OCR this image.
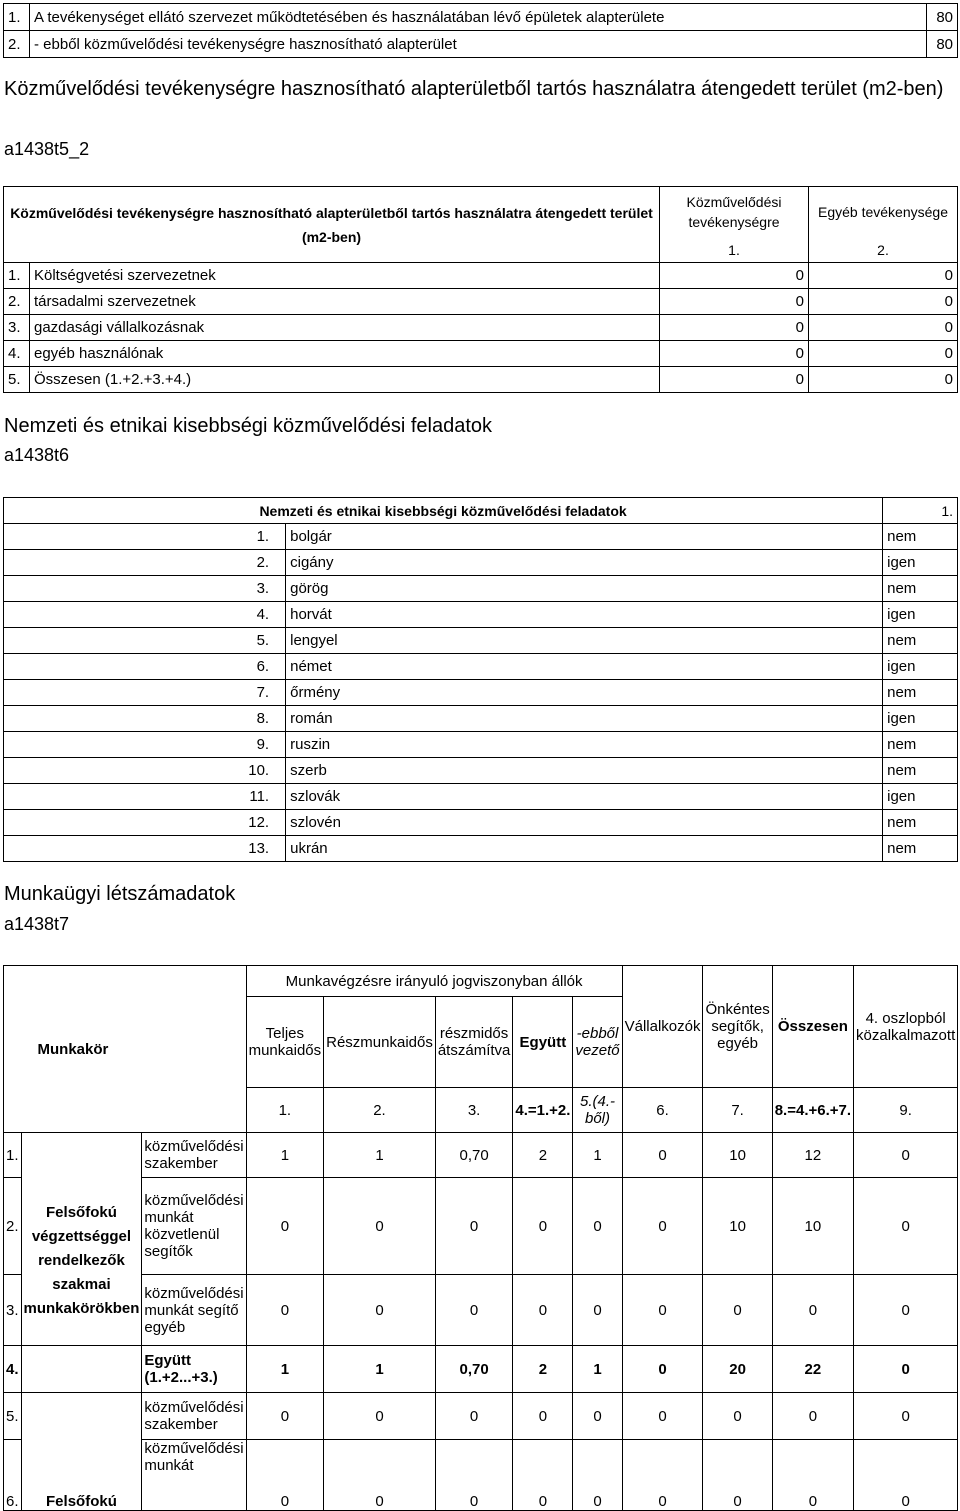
1.	A tevékenységet ellátó szervezet működtetésében és használatában lévő épületek alapterülete	80
2.	- ebből közművelődési tevékenységre hasznosítható alapterület	80
Közművelődési tevékenységre hasznosítható alapterületből tartós használatra átengedett terület (m2-ben)
a1438t5_2
Közművelődési tevékenységre hasznosítható alapterületből tartós használatra átengedett terület (m2-ben)		Közművelődési tevékenységre	Egyéb tevékenysége
		1.	2.
1.	Költségvetési szervezetnek	0	0
2.	társadalmi szervezetnek	0	0
3.	gazdasági vállalkozásnak	0	0
4.	egyéb használónak	0	0
5.	Összesen (1.+2.+3.+4.)	0	0
Nemzeti és etnikai kisebbségi közművelődési feladatok
a1438t6
Nemzeti és etnikai kisebbségi közművelődési feladatok		1.
1.	bolgár	nem
2.	cigány	igen
3.	görög	nem
4.	horvát	igen
5.	lengyel	nem
6.	német	igen
7.	őrmény	nem
8.	román	igen
9.	ruszin	nem
10.	szerb	nem
11.	szlovák	igen
12.	szlovén	nem
13.	ukrán	nem
Munkaügyi létszámadatok
a1438t7
Munkakör			Munkavégzésre irányuló jogviszonyban állók					Vállalkozók	Önkéntes segítők, egyéb	Összesen	4. oszlopból közalkalmazott
			Teljes munkaidős	Részmunkaidős	részmidős átszámítva	Együtt	-ebből vezető				
			1.	2.	3.	4.=1.+2.	5.(4.-ből)	6.	7.	8.=4.+6.+7.	9.
1.		közművelődési szakember	1	1	0,70	2	1	0	10	12	0
2.	Felsőfokú végzettséggel rendelkezők szakmai munkakörökben	közművelődési munkát közvetlenül segítők	0	0	0	0	0	0	10	10	0
3.		közművelődési munkát segítő egyéb	0	0	0	0	0	0	0	0	0
4.		Együtt (1.+2...+3.)	1	1	0,70	2	1	0	20	22	0
5.		közművelődési szakember	0	0	0	0	0	0	0	0	0
6.	Felsőfokú	közművelődési munkát	0	0	0	0	0	0	0	0	0
